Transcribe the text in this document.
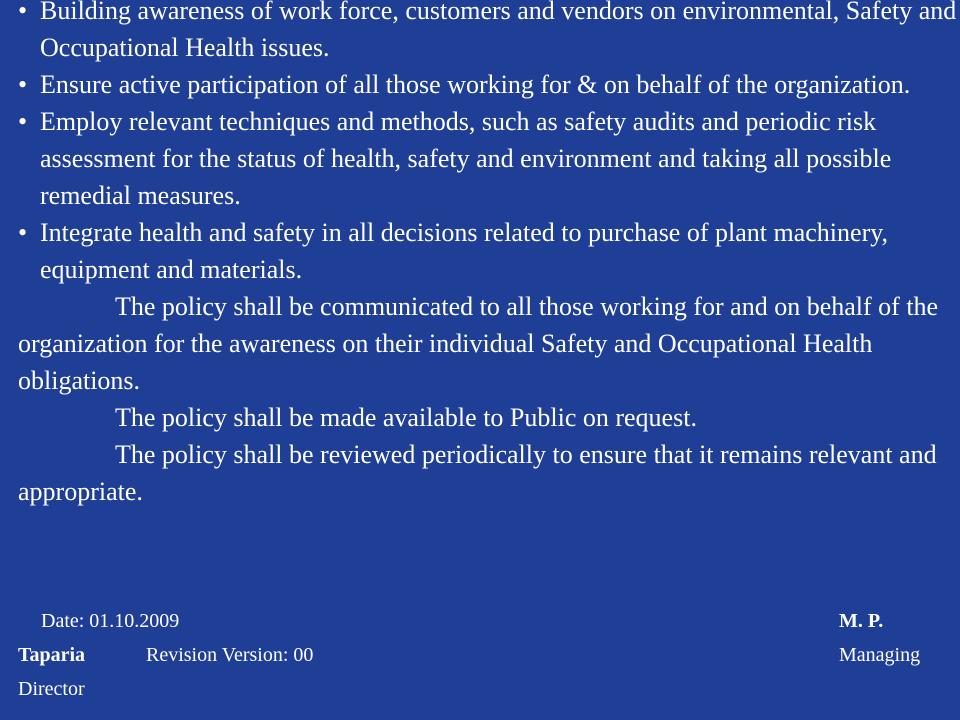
• Building awareness of work force, customers and vendors on environmental, Safety and Occupational Health issues.
• Ensure active participation of all those working for & on behalf of the organization.
• Employ relevant techniques and methods, such as safety audits and periodic risk assessment for the status of health, safety and environment and taking all possible remedial measures.
• Integrate health and safety in all decisions related to purchase of plant machinery, equipment and materials.
The policy shall be communicated to all those working for and on behalf of the organization for the awareness on their individual Safety and Occupational Health obligations.
The policy shall be made available to Public on request.
The policy shall be reviewed periodically to ensure that it remains relevant and appropriate.
Date: 01.10.2009	M. P.
Taparia	Revision Version: 00	Managing
Director
